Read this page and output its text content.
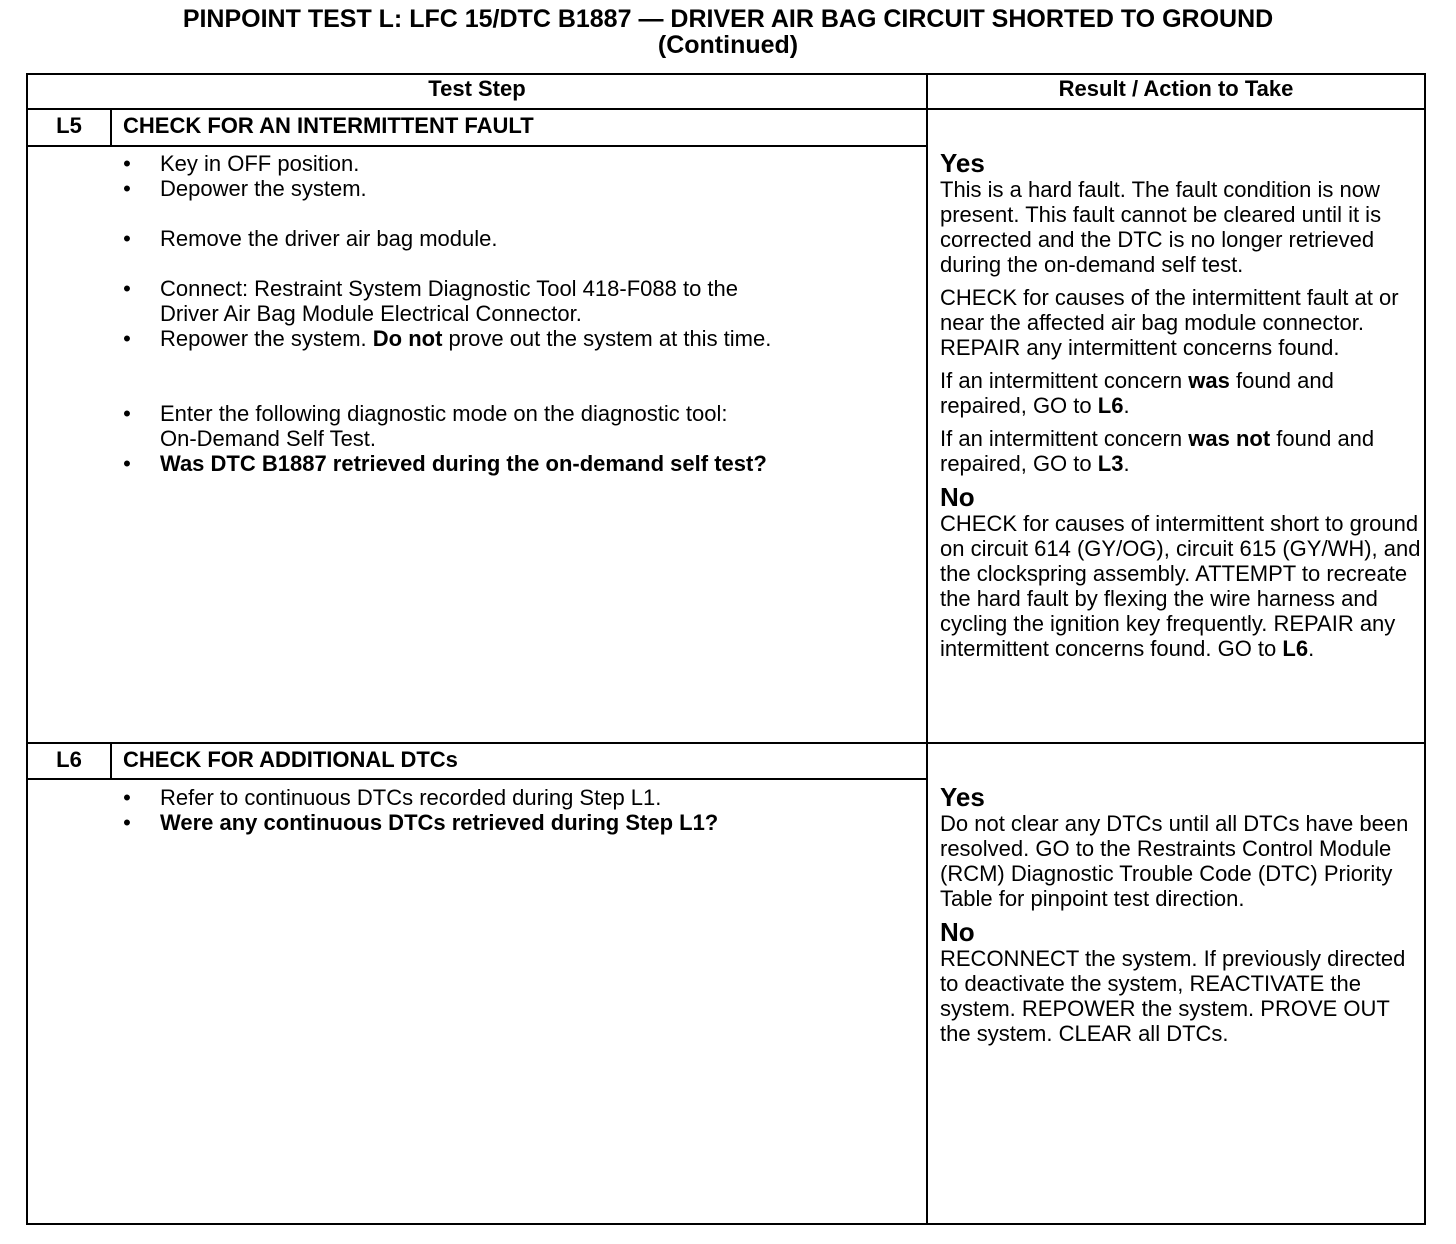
PINPOINT TEST L: LFC 15/DTC B1887 — DRIVER AIR BAG CIRCUIT SHORTED TO GROUND
(Continued)
Test Step	Result / Action to Take
L5	CHECK FOR AN INTERMITTENT FAULT
• Key in OFF position.
• Depower the system.
• Remove the driver air bag module.
• Connect: Restraint System Diagnostic Tool 418-F088 to the
Driver Air Bag Module Electrical Connector.
• Repower the system. Do not prove out the system at this time.
• Enter the following diagnostic mode on the diagnostic tool:
On-Demand Self Test.
• Was DTC B1887 retrieved during the on-demand self test?
Yes

This is a hard fault. The fault condition is now present. This fault cannot be cleared until it is corrected and the DTC is no longer retrieved during the on-demand self test.

CHECK for causes of the intermittent fault at or near the affected air bag module connector. REPAIR any intermittent concerns found.

If an intermittent concern was found and repaired, GO to L6.

If an intermittent concern was not found and repaired, GO to L3.

No

CHECK for causes of intermittent short to ground on circuit 614 (GY/OG), circuit 615 (GY/WH), and the clockspring assembly. ATTEMPT to recreate the hard fault by flexing the wire harness and cycling the ignition key frequently. REPAIR any intermittent concerns found. GO to L6.

L6	CHECK FOR ADDITIONAL DTCs
• Refer to continuous DTCs recorded during Step L1.
• Were any continuous DTCs retrieved during Step L1?
Yes

Do not clear any DTCs until all DTCs have been resolved. GO to the Restraints Control Module (RCM) Diagnostic Trouble Code (DTC) Priority Table for pinpoint test direction.

No

RECONNECT the system. If previously directed to deactivate the system, REACTIVATE the system. REPOWER the system. PROVE OUT the system. CLEAR all DTCs.
